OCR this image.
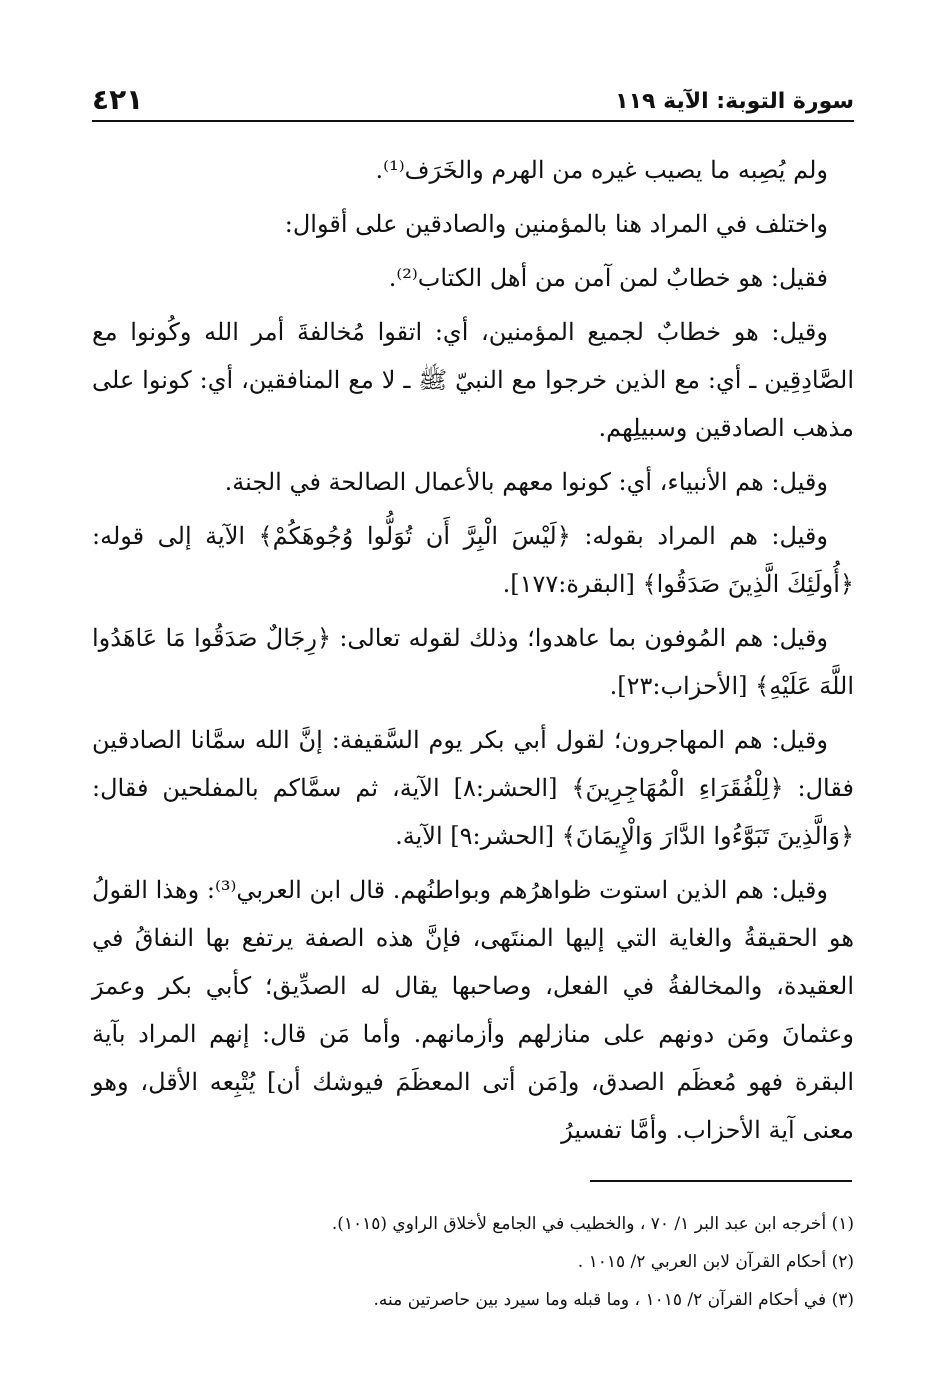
٤٢١	سورة التوبة: الآية ١١٩

ولم يُصِبه ما يصيب غيره من الهرم والخَرَف⁽¹⁾.

واختلف في المراد هنا بالمؤمنين والصادقين على أقوال:

فقيل: هو خطابٌ لمن آمن من أهل الكتاب⁽²⁾.

وقيل: هو خطابٌ لجميع المؤمنين، أي: اتقوا مُخالفةَ أمر الله وكُونوا مع الصَّادِقِين ـ أي: مع الذين خرجوا مع النبيّ ﷺ ـ لا مع المنافقين، أي: كونوا على مذهب الصادقين وسبيلِهم.

وقيل: هم الأنبياء، أي: كونوا معهم بالأعمال الصالحة في الجنة.

وقيل: هم المراد بقوله: ﴿لَيْسَ الْبِرَّ أَن تُوَلُّوا وُجُوهَكُمْ﴾ الآية إلى قوله: ﴿أُولَئِكَ الَّذِينَ صَدَقُوا﴾ [البقرة:١٧٧].

وقيل: هم المُوفون بما عاهدوا؛ وذلك لقوله تعالى: ﴿رِجَالٌ صَدَقُوا مَا عَاهَدُوا اللَّهَ عَلَيْهِ﴾ [الأحزاب:٢٣].

وقيل: هم المهاجرون؛ لقول أبي بكر يوم السَّقيفة: إنَّ الله سمَّانا الصادقين فقال: ﴿لِلْفُقَرَاءِ الْمُهَاجِرِينَ﴾ [الحشر:٨] الآية، ثم سمَّاكم بالمفلحين فقال: ﴿وَالَّذِينَ تَبَوَّءُوا الدَّارَ وَالْإِيمَانَ﴾ [الحشر:٩] الآية.

وقيل: هم الذين استوت ظواهرُهم وبواطنُهم. قال ابن العربي⁽³⁾: وهذا القولُ هو الحقيقةُ والغاية التي إليها المنتَهى، فإنَّ هذه الصفة يرتفع بها النفاقُ في العقيدة، والمخالفةُ في الفعل، وصاحبها يقال له الصدِّيق؛ كأبي بكر وعمرَ وعثمانَ ومَن دونهم على منازلهم وأزمانهم. وأما مَن قال: إنهم المراد بآية البقرة فهو مُعظَم الصدق، و[مَن أتى المعظَمَ فيوشك أن] يُتْبِعه الأقل، وهو معنى آية الأحزاب. وأمَّا تفسيرُ

(١) أخرجه ابن عبد البر ١/ ٧٠ ، والخطيب في الجامع لأخلاق الراوي (١٠١٥).

(٢) أحكام القرآن لابن العربي ٢/ ١٠١٥ .

(٣) في أحكام القرآن ٢/ ١٠١٥ ، وما قبله وما سيرد بين حاصرتين منه.
